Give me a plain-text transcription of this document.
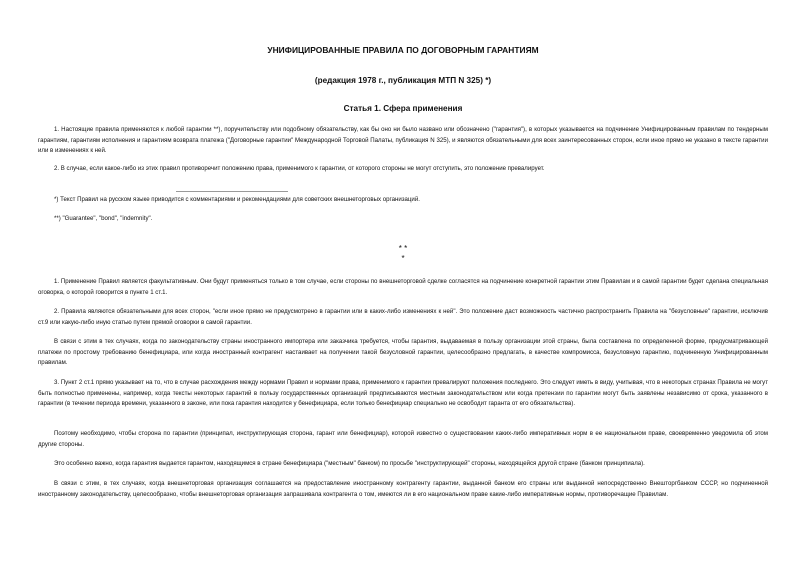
УНИФИЦИРОВАННЫЕ ПРАВИЛА ПО ДОГОВОРНЫМ ГАРАНТИЯМ
(редакция 1978 г., публикация МТП N 325) *)
Статья 1. Сфера применения

1. Настоящие правила применяются к любой гарантии **), поручительству или подобному обязательству, как бы оно ни было названо или обозначено ("гарантия"), в которых указывается на подчинение Унифицированным правилам по тендерным гарантиям, гарантиям исполнения и гарантиям возврата платежа ("Договорные гарантии" Международной Торговой Палаты, публикация N 325), и являются обязательными для всех заинтересованных сторон, если иное прямо не указано в тексте гарантии или в изменениях к ней.

2. В случае, если какое-либо из этих правил противоречит положению права, применимого к гарантии, от которого стороны не могут отступить, это положение превалирует.

*) Текст Правил на русском языке приводится с комментариями и рекомендациями для советских внешнеторговых организаций.

**) "Guarantee", "bond", "indemnity".

* *
*

1. Применение Правил является факультативным. Они будут применяться только в том случае, если стороны по внешнеторговой сделке согласятся на подчинение конкретной гарантии этим Правилам и в самой гарантии будет сделана специальная оговорка, о которой говорится в пункте 1 ст.1.

2. Правила являются обязательными для всех сторон, "если иное прямо не предусмотрено в гарантии или в каких-либо изменениях к ней". Это положение даст возможность частично распространить Правила на "безусловные" гарантии, исключив ст.9 или какую-либо иную статью путем прямой оговорки в самой гарантии.

В связи с этим в тех случаях, когда по законодательству страны иностранного импортера или заказчика требуется, чтобы гарантия, выдаваемая в пользу организации этой страны, была составлена по определенной форме, предусматривающей платежи по простому требованию бенефициара, или когда иностранный контрагент настаивает на получении такой безусловной гарантии, целесообразно предлагать, в качестве компромисса, безусловную гарантию, подчиненную Унифицированным правилам.

3. Пункт 2 ст.1 прямо указывает на то, что в случае расхождения между нормами Правил и нормами права, применимого к гарантии превалируют положения последнего. Это следует иметь в виду, учитывая, что в некоторых странах Правила не могут быть полностью применены, например, когда тексты некоторых гарантий в пользу государственных организаций предписываются местным законодательством или когда претензии по гарантии могут быть заявлены независимо от срока, указанного в гарантии (в течении периода времени, указанного в законе, или пока гарантия находится у бенефициара, если только бенефициар специально не освободит гаранта от его обязательства).

Поэтому необходимо, чтобы сторона по гарантии (принципал, инструктирующая сторона, гарант или бенефициар), которой известно о существовании каких-либо императивных норм в ее национальном праве, своевременно уведомила об этом другие стороны.

Это особенно важно, когда гарантия выдается гарантом, находящимся в стране бенефициара ("местным" банком) по просьбе "инструктирующей" стороны, находящейся другой стране (банком принципиала).

В связи с этим, в тех случаях, когда внешнеторговая организация соглашается на предоставление иностранному контрагенту гарантии, выданной банком его страны или выданной непосредственно Внешторгбанком СССР, но подчиненной иностранному законодательству, целесообразно, чтобы внешнеторговая организация запрашивала контрагента о том, имеются ли в его национальном праве какие-либо императивные нормы, противоречащие Правилам.
